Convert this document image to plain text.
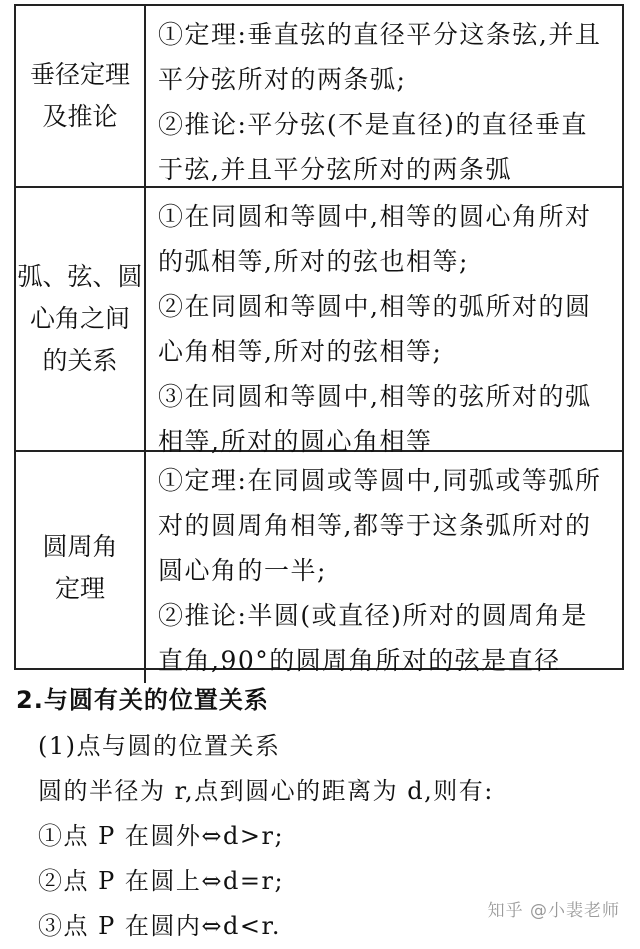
垂径定理
及推论
①定理:垂直弦的直径平分这条弦,并且
平分弦所对的两条弧;
②推论:平分弦(不是直径)的直径垂直
于弦,并且平分弦所对的两条弧
弧、弦、圆
心角之间
的关系
①在同圆和等圆中,相等的圆心角所对
的弧相等,所对的弦也相等;
②在同圆和等圆中,相等的弧所对的圆
心角相等,所对的弦相等;
③在同圆和等圆中,相等的弦所对的弧
相等,所对的圆心角相等
圆周角
定理
①定理:在同圆或等圆中,同弧或等弧所
对的圆周角相等,都等于这条弧所对的
圆心角的一半;
②推论:半圆(或直径)所对的圆周角是
直角,90°的圆周角所对的弦是直径
2.与圆有关的位置关系
(1)点与圆的位置关系
圆的半径为 r,点到圆心的距离为 d,则有:
①点 P 在圆外⇔d>r;
②点 P 在圆上⇔d=r;
③点 P 在圆内⇔d<r.
知乎 @小裴老师
